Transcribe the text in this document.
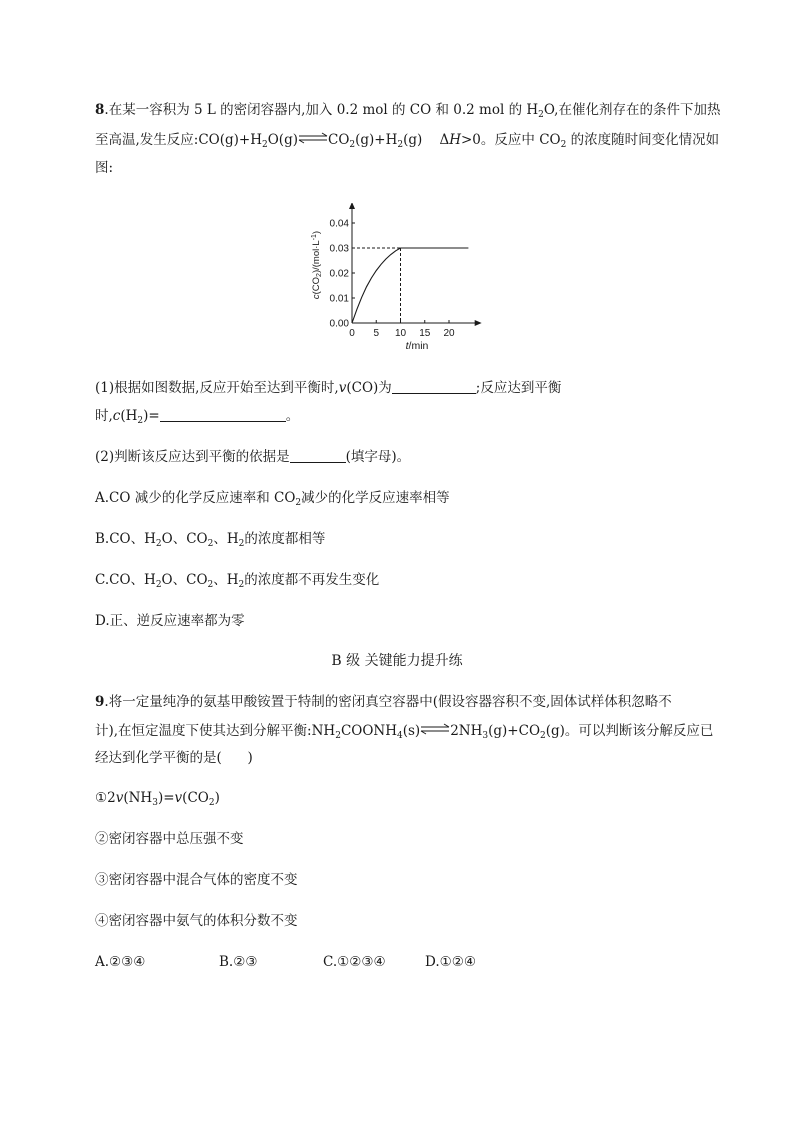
8.在某一容积为 5 L 的密闭容器内,加入 0.2 mol 的 CO 和 0.2 mol 的 $H_2O$,在催化剂存在的条件下加热
至高温,发生反应$:CO(g)+H_2O(g)\rightleftharpoons CO_2(g)+H_2(g)$    ΔH>0。反应中 $CO_2$ 的浓度随时间变化情况如
图:
$c(CO_2)/(mol\cdot L^{-1})$
0.00
0.01
0.02
0.03
0.04
0 5 10 15 20
t/min
(1)根据如图数据,反应开始至达到平衡时,v(CO)为	;反应达到平衡
时$,c(H_2)=$	。
(2)判断该反应达到平衡的依据是	(填字母)。
A.CO 减少的化学反应速率和 $CO_2$减少的化学反应速率相等
B.CO、$H_2O$、$CO_2$、$H_2$的浓度都相等
C.CO、$H_2O$、$CO_2$、$H_2$的浓度都不再发生变化
D.正、逆反应速率都为零
B 级 关键能力提升练
9.将一定量纯净的氨基甲酸铵置于特制的密闭真空容器中(假设容器容积不变,固体试样体积忽略不
计),在恒定温度下使其达到分解平衡$:NH_2COONH_4(s)\rightleftharpoons 2NH_3(g)+CO_2(g)$。可以判断该分解反应已
经达到化学平衡的是(      )
$①2v(NH_3)=v(CO_2)$
②密闭容器中总压强不变
③密闭容器中混合气体的密度不变
④密闭容器中氨气的体积分数不变
A.②③④	B.②③	C.①②③④	D.①②④
